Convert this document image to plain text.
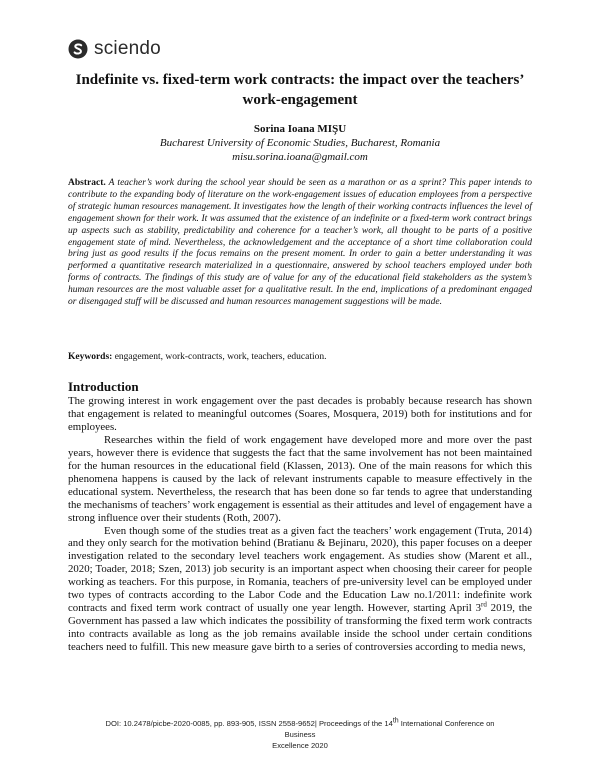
sciendo
Indefinite vs. fixed-term work contracts: the impact over the teachers’ work-engagement
Sorina Ioana MIŞU
Bucharest University of Economic Studies, Bucharest, Romania
misu.sorina.ioana@gmail.com
Abstract. A teacher’s work during the school year should be seen as a marathon or as a sprint? This paper intends to contribute to the expanding body of literature on the work-engagement issues of education employees from a perspective of strategic human resources management. It investigates how the length of their working contracts influences the level of engagement shown for their work. It was assumed that the existence of an indefinite or a fixed-term work contract brings up aspects such as stability, predictability and coherence for a teacher’s work, all thought to be parts of a positive engagement state of mind. Nevertheless, the acknowledgement and the acceptance of a short time collaboration could bring just as good results if the focus remains on the present moment. In order to gain a better understanding it was performed a quantitative research materialized in a questionnaire, answered by school teachers employed under both forms of contracts. The findings of this study are of value for any of the educational field stakeholders as the system’s human resources are the most valuable asset for a qualitative result. In the end, implications of a predominant engaged or disengaged stuff will be discussed and human resources management suggestions will be made.
Keywords: engagement, work-contracts, work, teachers, education.
Introduction

The growing interest in work engagement over the past decades is probably because research has shown that engagement is related to meaningful outcomes (Soares, Mosquera, 2019) both for institutions and for employees.

Researches within the field of work engagement have developed more and more over the past years, however there is evidence that suggests the fact that the same involvement has not been maintained for the human resources in the educational field (Klassen, 2013). One of the main reasons for which this phenomena happens is caused by the lack of relevant instruments capable to measure effectively in the educational system. Nevertheless, the research that has been done so far tends to agree that understanding the mechanisms of teachers’ work engagement is essential as their attitudes and level of engagement have a strong influence over their students (Roth, 2007).

Even though some of the studies treat as a given fact the teachers’ work engagement (Truta, 2014) and they only search for the motivation behind (Bratianu & Bejinaru, 2020), this paper focuses on a deeper investigation related to the secondary level teachers work engagement. As studies show (Marent et all., 2020; Toader, 2018; Szen, 2013) job security is an important aspect when choosing their career for people working as teachers. For this purpose, in Romania, teachers of pre-university level can be employed under two types of contracts according to the Labor Code and the Education Law no.1/2011: indefinite work contracts and fixed term work contract of usually one year length. However, starting April 3rd 2019, the Government has passed a law which indicates the possibility of transforming the fixed term work contracts into contracts available as long as the job remains available inside the school under certain conditions teachers need to fulfill. This new measure gave birth to a series of controversies according to media news,

DOI: 10.2478/picbe-2020-0085, pp. 893-905, ISSN 2558-9652| Proceedings of the 14th International Conference on Business
Excellence 2020
